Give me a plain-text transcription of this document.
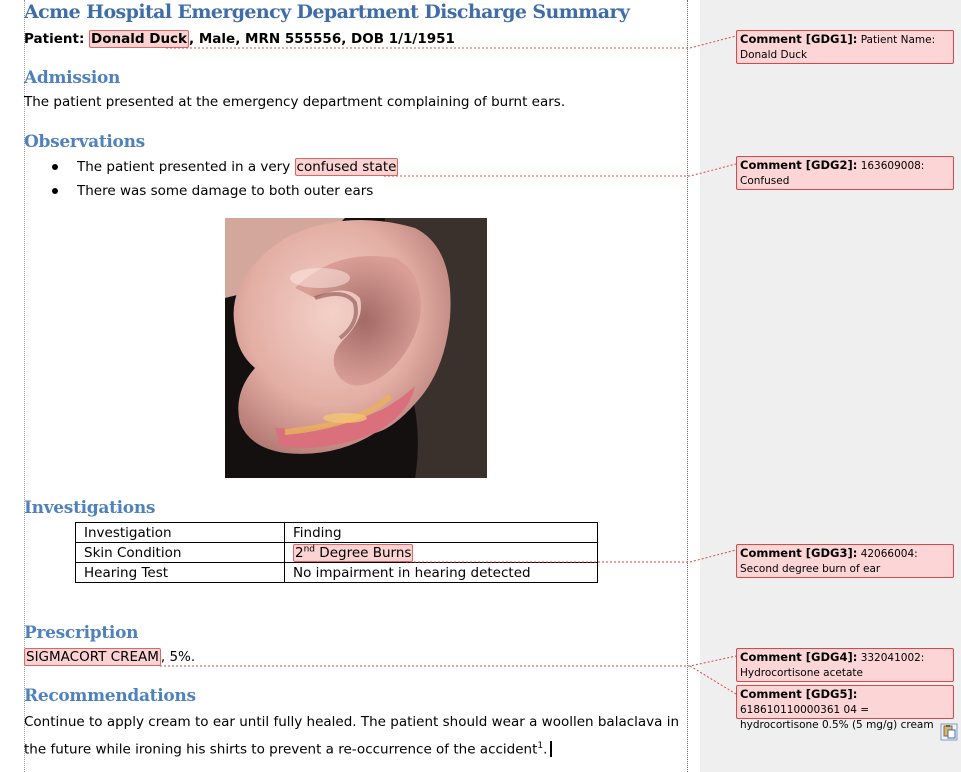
Acme Hospital Emergency Department Discharge Summary
Patient: Donald Duck , Male, MRN 555556, DOB 1/1/1951
Admission
The patient presented at the emergency department complaining of burnt ears.
Observations
The patient presented in a very confused state
There was some damage to both outer ears
Investigations
Investigation	Finding
Skin Condition	2nd Degree Burns
Hearing Test	No impairment in hearing detected
Prescription
SIGMACORT CREAM , 5%.
Recommendations
Continue to apply cream to ear until fully healed. The patient should wear a woollen balaclava in the future while ironing his shirts to prevent a re-occurrence of the accident$^1$.
Comment [GDG1]: Patient Name: Donald Duck
Comment [GDG2]: 163609008: Confused
Comment [GDG3]: 42066004: Second degree burn of ear
Comment [GDG4]: 332041002: Hydrocortisone acetate
Comment [GDG5]: 618610110000361 04 = hydrocortisone 0.5% (5 mg/g) cream
